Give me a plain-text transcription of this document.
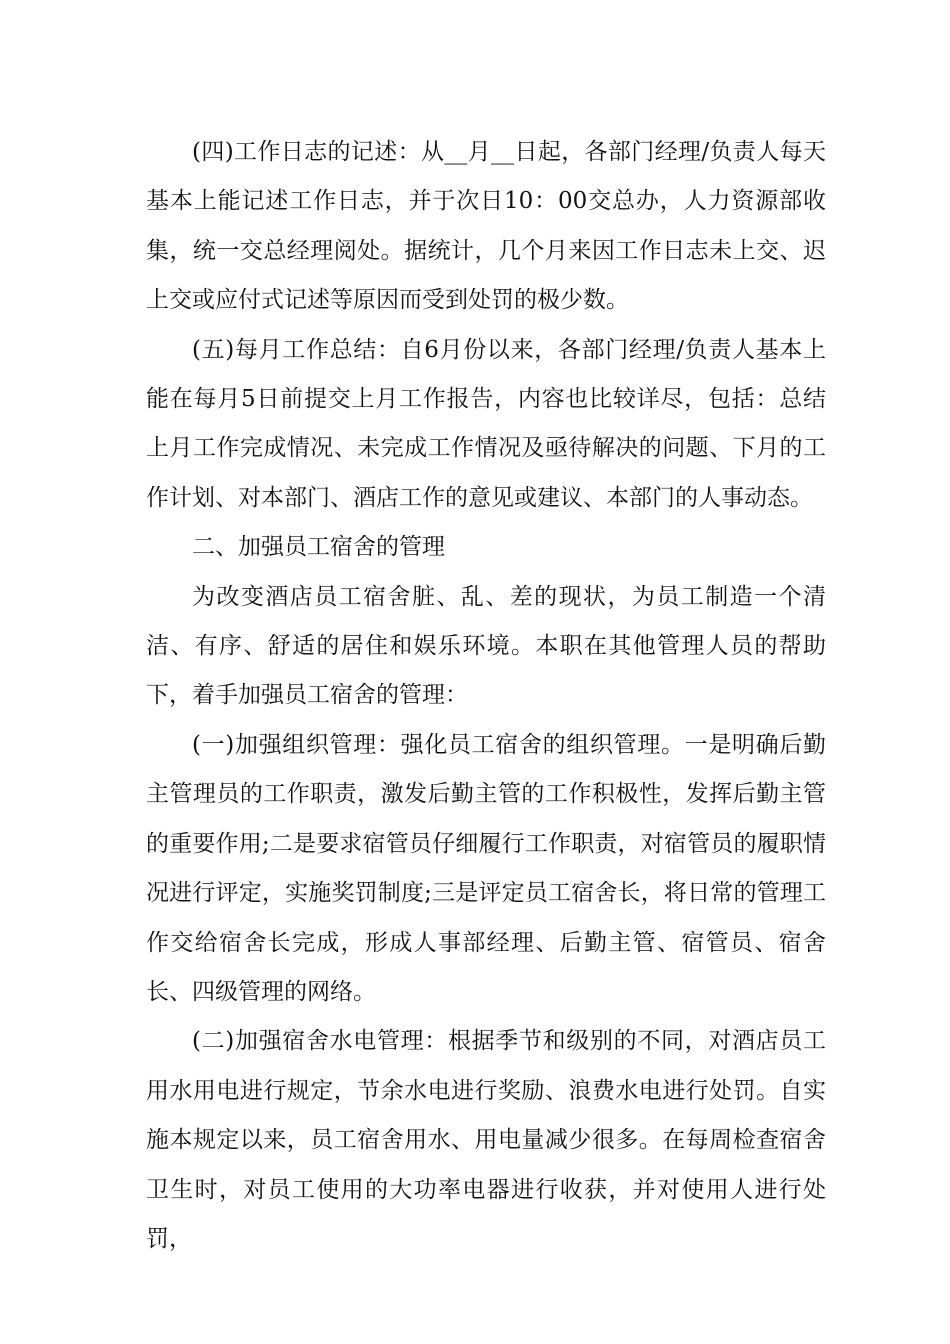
(四)工作日志的记述：从__月__日起，各部门经理/负责人每天基本上能记述工作日志，并于次日10：00交总办，人力资源部收集，统一交总经理阅处。据统计，几个月来因工作日志未上交、迟上交或应付式记述等原因而受到处罚的极少数。

(五)每月工作总结：自6月份以来，各部门经理/负责人基本上能在每月5日前提交上月工作报告，内容也比较详尽，包括：总结上月工作完成情况、未完成工作情况及亟待解决的问题、下月的工作计划、对本部门、酒店工作的意见或建议、本部门的人事动态。

二、加强员工宿舍的管理

为改变酒店员工宿舍脏、乱、差的现状，为员工制造一个清洁、有序、舒适的居住和娱乐环境。本职在其他管理人员的帮助下，着手加强员工宿舍的管理：

(一)加强组织管理：强化员工宿舍的组织管理。一是明确后勤主管理员的工作职责，激发后勤主管的工作积极性，发挥后勤主管的重要作用;二是要求宿管员仔细履行工作职责，对宿管员的履职情况进行评定，实施奖罚制度;三是评定员工宿舍长，将日常的管理工作交给宿舍长完成，形成人事部经理、后勤主管、宿管员、宿舍长、四级管理的网络。

(二)加强宿舍水电管理：根据季节和级别的不同，对酒店员工用水用电进行规定，节余水电进行奖励、浪费水电进行处罚。自实施本规定以来，员工宿舍用水、用电量减少很多。在每周检查宿舍卫生时，对员工使用的大功率电器进行收获，并对使用人进行处罚，
